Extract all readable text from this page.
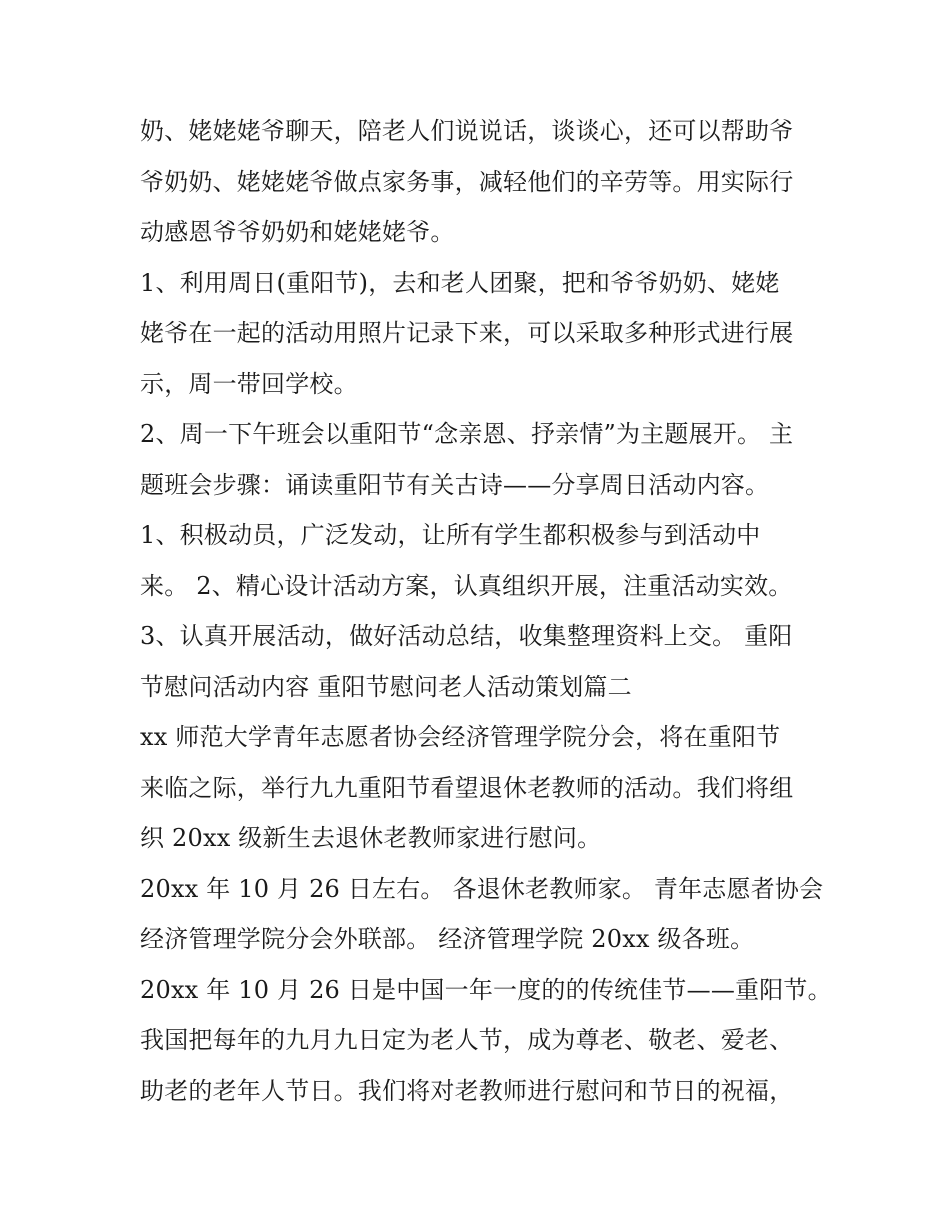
奶、姥姥姥爷聊天，陪老人们说说话，谈谈心，还可以帮助爷
爷奶奶、姥姥姥爷做点家务事，减轻他们的辛劳等。用实际行
动感恩爷爷奶奶和姥姥姥爷。
1、利用周日(重阳节)，去和老人团聚，把和爷爷奶奶、姥姥
姥爷在一起的活动用照片记录下来，可以采取多种形式进行展
示，周一带回学校。
2、周一下午班会以重阳节“念亲恩、抒亲情”为主题展开。 主
题班会步骤：诵读重阳节有关古诗——分享周日活动内容。
1、积极动员，广泛发动，让所有学生都积极参与到活动中
来。 2、精心设计活动方案，认真组织开展，注重活动实效。
3、认真开展活动，做好活动总结，收集整理资料上交。 重阳
节慰问活动内容 重阳节慰问老人活动策划篇二
xx 师范大学青年志愿者协会经济管理学院分会，将在重阳节
来临之际，举行九九重阳节看望退休老教师的活动。我们将组
织 20xx 级新生去退休老教师家进行慰问。
20xx 年 10 月 26 日左右。 各退休老教师家。 青年志愿者协会
经济管理学院分会外联部。 经济管理学院 20xx 级各班。
20xx 年 10 月 26 日是中国一年一度的的传统佳节——重阳节。
我国把每年的九月九日定为老人节，成为尊老、敬老、爱老、
助老的老年人节日。我们将对老教师进行慰问和节日的祝福，
